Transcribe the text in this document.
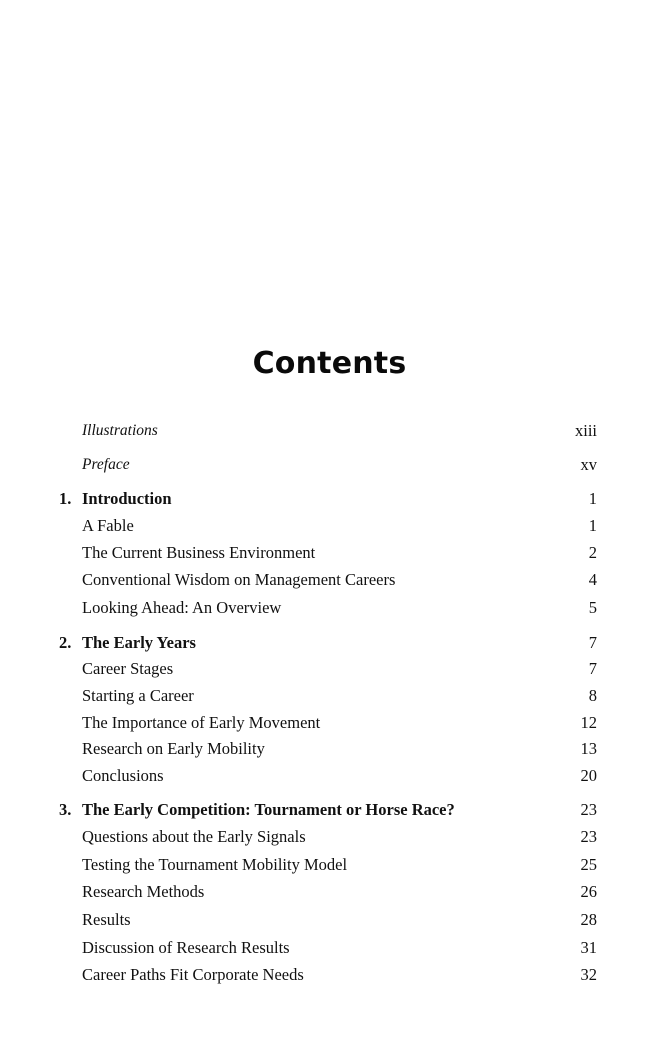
Contents
Illustrations	xiii
Preface	xv
1. Introduction	1
A Fable	1
The Current Business Environment	2
Conventional Wisdom on Management Careers	4
Looking Ahead: An Overview	5
2. The Early Years	7
Career Stages	7
Starting a Career	8
The Importance of Early Movement	12
Research on Early Mobility	13
Conclusions	20
3. The Early Competition: Tournament or Horse Race?	23
Questions about the Early Signals	23
Testing the Tournament Mobility Model	25
Research Methods	26
Results	28
Discussion of Research Results	31
Career Paths Fit Corporate Needs	32
